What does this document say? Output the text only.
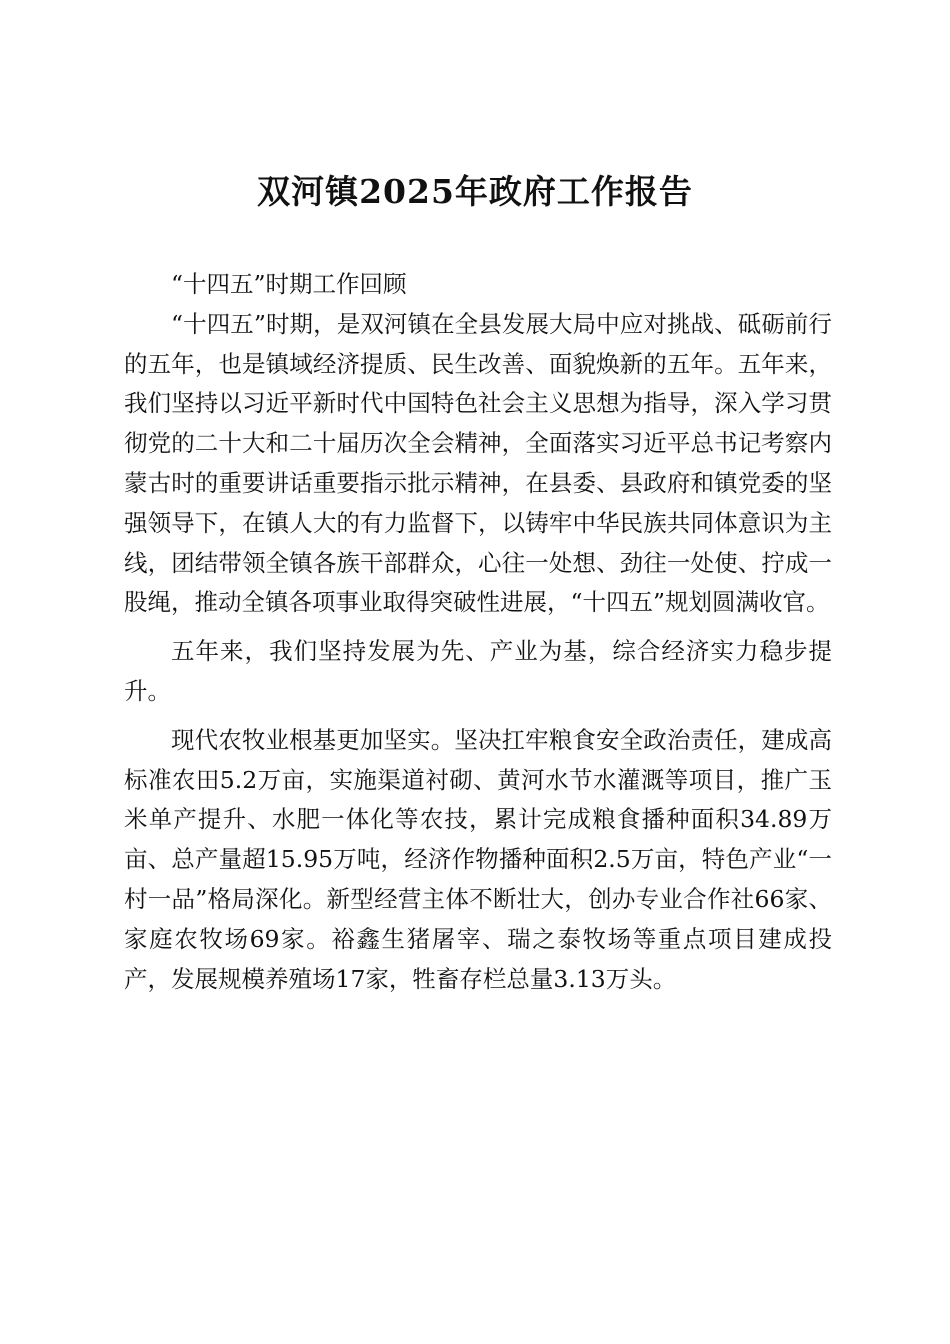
双河镇2025年政府工作报告

“十四五”时期工作回顾

“十四五”时期，是双河镇在全县发展大局中应对挑战、砥砺前行的五年，也是镇域经济提质、民生改善、面貌焕新的五年。五年来，我们坚持以习近平新时代中国特色社会主义思想为指导，深入学习贯彻党的二十大和二十届历次全会精神，全面落实习近平总书记考察内蒙古时的重要讲话重要指示批示精神，在县委、县政府和镇党委的坚强领导下，在镇人大的有力监督下，以铸牢中华民族共同体意识为主线，团结带领全镇各族干部群众，心往一处想、劲往一处使、拧成一股绳，推动全镇各项事业取得突破性进展，“十四五”规划圆满收官。

五年来，我们坚持发展为先、产业为基，综合经济实力稳步提升。

现代农牧业根基更加坚实。坚决扛牢粮食安全政治责任，建成高标准农田5.2万亩，实施渠道衬砌、黄河水节水灌溉等项目，推广玉米单产提升、水肥一体化等农技，累计完成粮食播种面积34.89万亩、总产量超15.95万吨，经济作物播种面积2.5万亩，特色产业“一村一品”格局深化。新型经营主体不断壮大，创办专业合作社66家、家庭农牧场69家。裕鑫生猪屠宰、瑞之泰牧场等重点项目建成投产，发展规模养殖场17家，牲畜存栏总量3.13万头。
